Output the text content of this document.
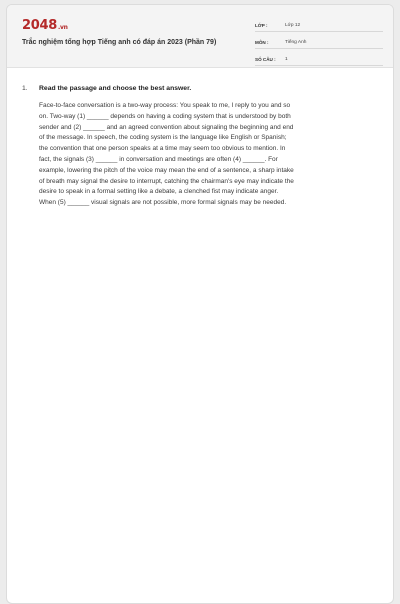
2048.vn
Trắc nghiệm tổng hợp Tiếng anh có đáp án 2023 (Phần 79)
LỚP :	Lớp 12
MÔN :	Tiếng Anh
SỐ CÂU :	1
1.	Read the passage and choose the best answer.
Face-to-face conversation is a two-way process: You speak to me, I reply to you and so
on. Two-way (1) ______ depends on having a coding system that is understood by both
sender and (2) ______ and an agreed convention about signaling the beginning and end
of the message. In speech, the coding system is the language like English or Spanish;
the convention that one person speaks at a time may seem too obvious to mention. In
fact, the signals (3) ______ in conversation and meetings are often (4) ______. For
example, lowering the pitch of the voice may mean the end of a sentence, a sharp intake
of breath may signal the desire to interrupt, catching the chairman's eye may indicate the
desire to speak in a formal setting like a debate, a clenched fist may indicate anger.
When (5) ______ visual signals are not possible, more formal signals may be needed.
